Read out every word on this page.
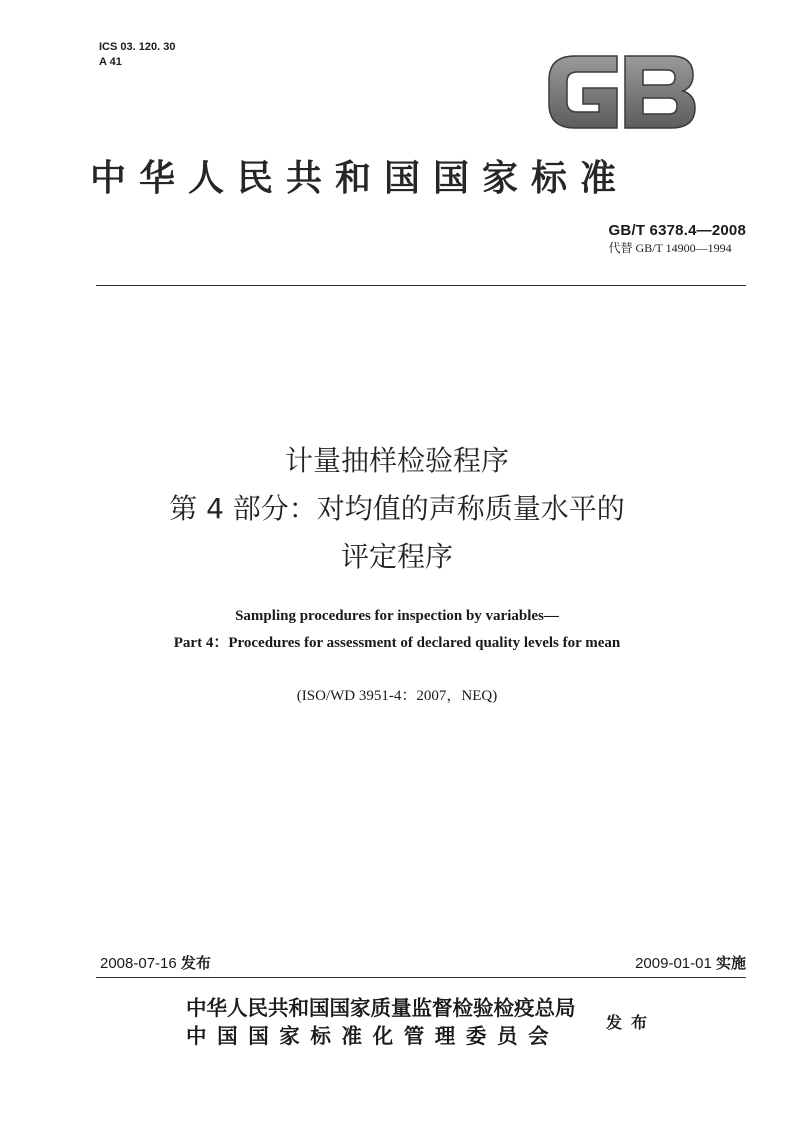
ICS 03. 120. 30
A 41
中华人民共和国国家标准
GB/T 6378.4—2008
代替 GB/T 14900—1994
计量抽样检验程序
第 4 部分：对均值的声称质量水平的
评定程序
Sampling procedures for inspection by variables—
Part 4：Procedures for assessment of declared quality levels for mean
(ISO/WD 3951-4：2007，NEQ)
2008-07-16 发布	2009-01-01 实施
中华人民共和国国家质量监督检验检疫总局
中国国家标准化管理委员会
发布
